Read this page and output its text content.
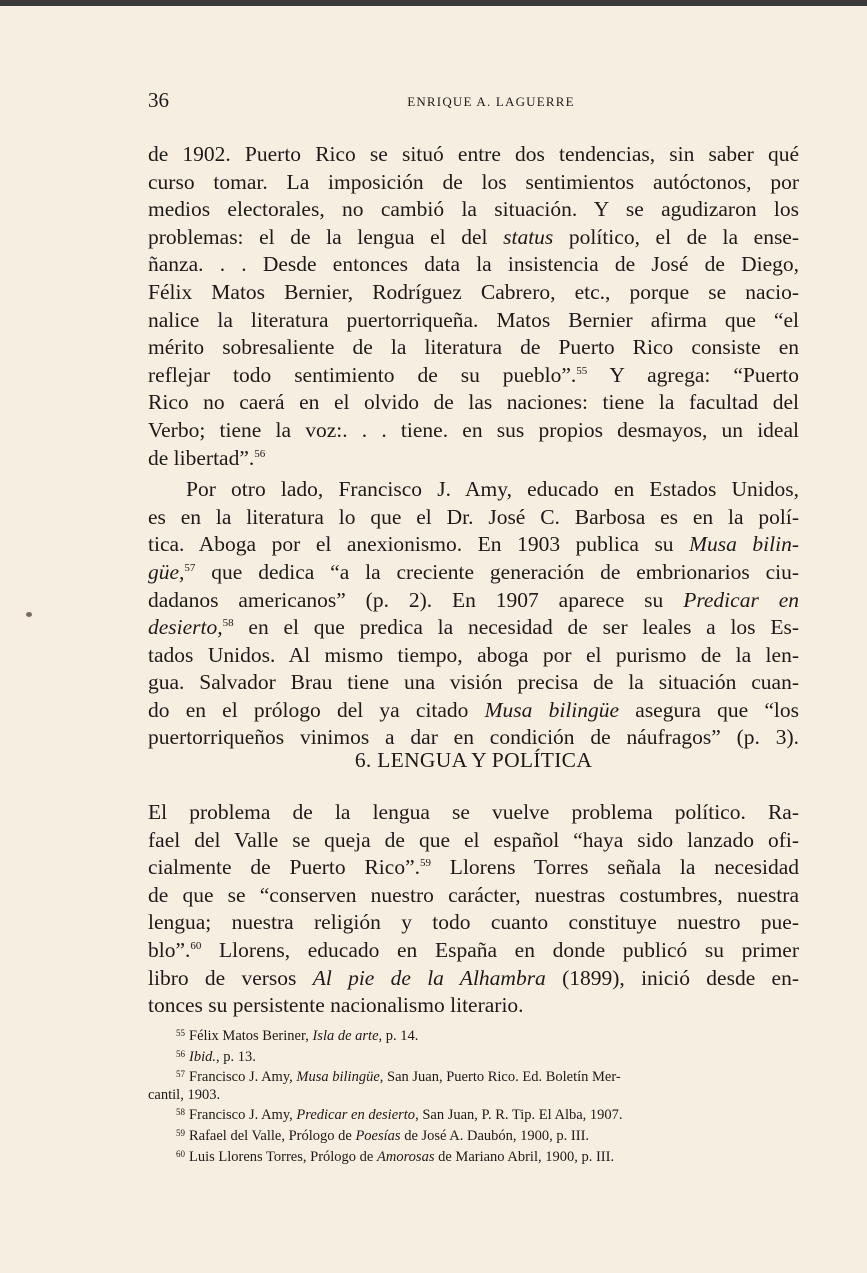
36	ENRIQUE A. LAGUERRE
de 1902. Puerto Rico se situó entre dos tendencias, sin saber qué
curso tomar. La imposición de los sentimientos autóctonos, por
medios electorales, no cambió la situación. Y se agudizaron los
problemas: el de la lengua el del status político, el de la ense-
ñanza. . . Desde entonces data la insistencia de José de Diego,
Félix Matos Bernier, Rodríguez Cabrero, etc., porque se nacio-
nalice la literatura puertorriqueña. Matos Bernier afirma que “el
mérito sobresaliente de la literatura de Puerto Rico consiste en
reflejar todo sentimiento de su pueblo”.$^{55}$ Y agrega: “Puerto
Rico no caerá en el olvido de las naciones: tiene la facultad del
Verbo; tiene la voz:. . . tiene. en sus propios desmayos, un ideal
de libertad”.$^{56}$
Por otro lado, Francisco J. Amy, educado en Estados Unidos,
es en la literatura lo que el Dr. José C. Barbosa es en la polí-
tica. Aboga por el anexionismo. En 1903 publica su Musa bilin-
güe,$^{57}$ que dedica “a la creciente generación de embrionarios ciu-
dadanos americanos” (p. 2). En 1907 aparece su Predicar en
desierto,$^{58}$ en el que predica la necesidad de ser leales a los Es-
tados Unidos. Al mismo tiempo, aboga por el purismo de la len-
gua. Salvador Brau tiene una visión precisa de la situación cuan-
do en el prólogo del ya citado Musa bilingüe asegura que “los
puertorriqueños vinimos a dar en condición de náufragos” (p. 3).
6. LENGUA Y POLÍTICA
El problema de la lengua se vuelve problema político. Ra-
fael del Valle se queja de que el español “haya sido lanzado ofi-
cialmente de Puerto Rico”.$^{59}$ Llorens Torres señala la necesidad
de que se “conserven nuestro carácter, nuestras costumbres, nuestra
lengua; nuestra religión y todo cuanto constituye nuestro pue-
blo”.$^{60}$ Llorens, educado en España en donde publicó su primer
libro de versos Al pie de la Alhambra (1899), inició desde en-
tonces su persistente nacionalismo literario.
$^{55}$ Félix Matos Beriner, Isla de arte, p. 14.
$^{56}$ Ibid., p. 13.
$^{57}$ Francisco J. Amy, Musa bilingüe, San Juan, Puerto Rico. Ed. Boletín Mer-
cantil, 1903.
$^{58}$ Francisco J. Amy, Predicar en desierto, San Juan, P. R. Tip. El Alba, 1907.
$^{59}$ Rafael del Valle, Prólogo de Poesías de José A. Daubón, 1900, p. III.
$^{60}$ Luis Llorens Torres, Prólogo de Amorosas de Mariano Abril, 1900, p. III.
